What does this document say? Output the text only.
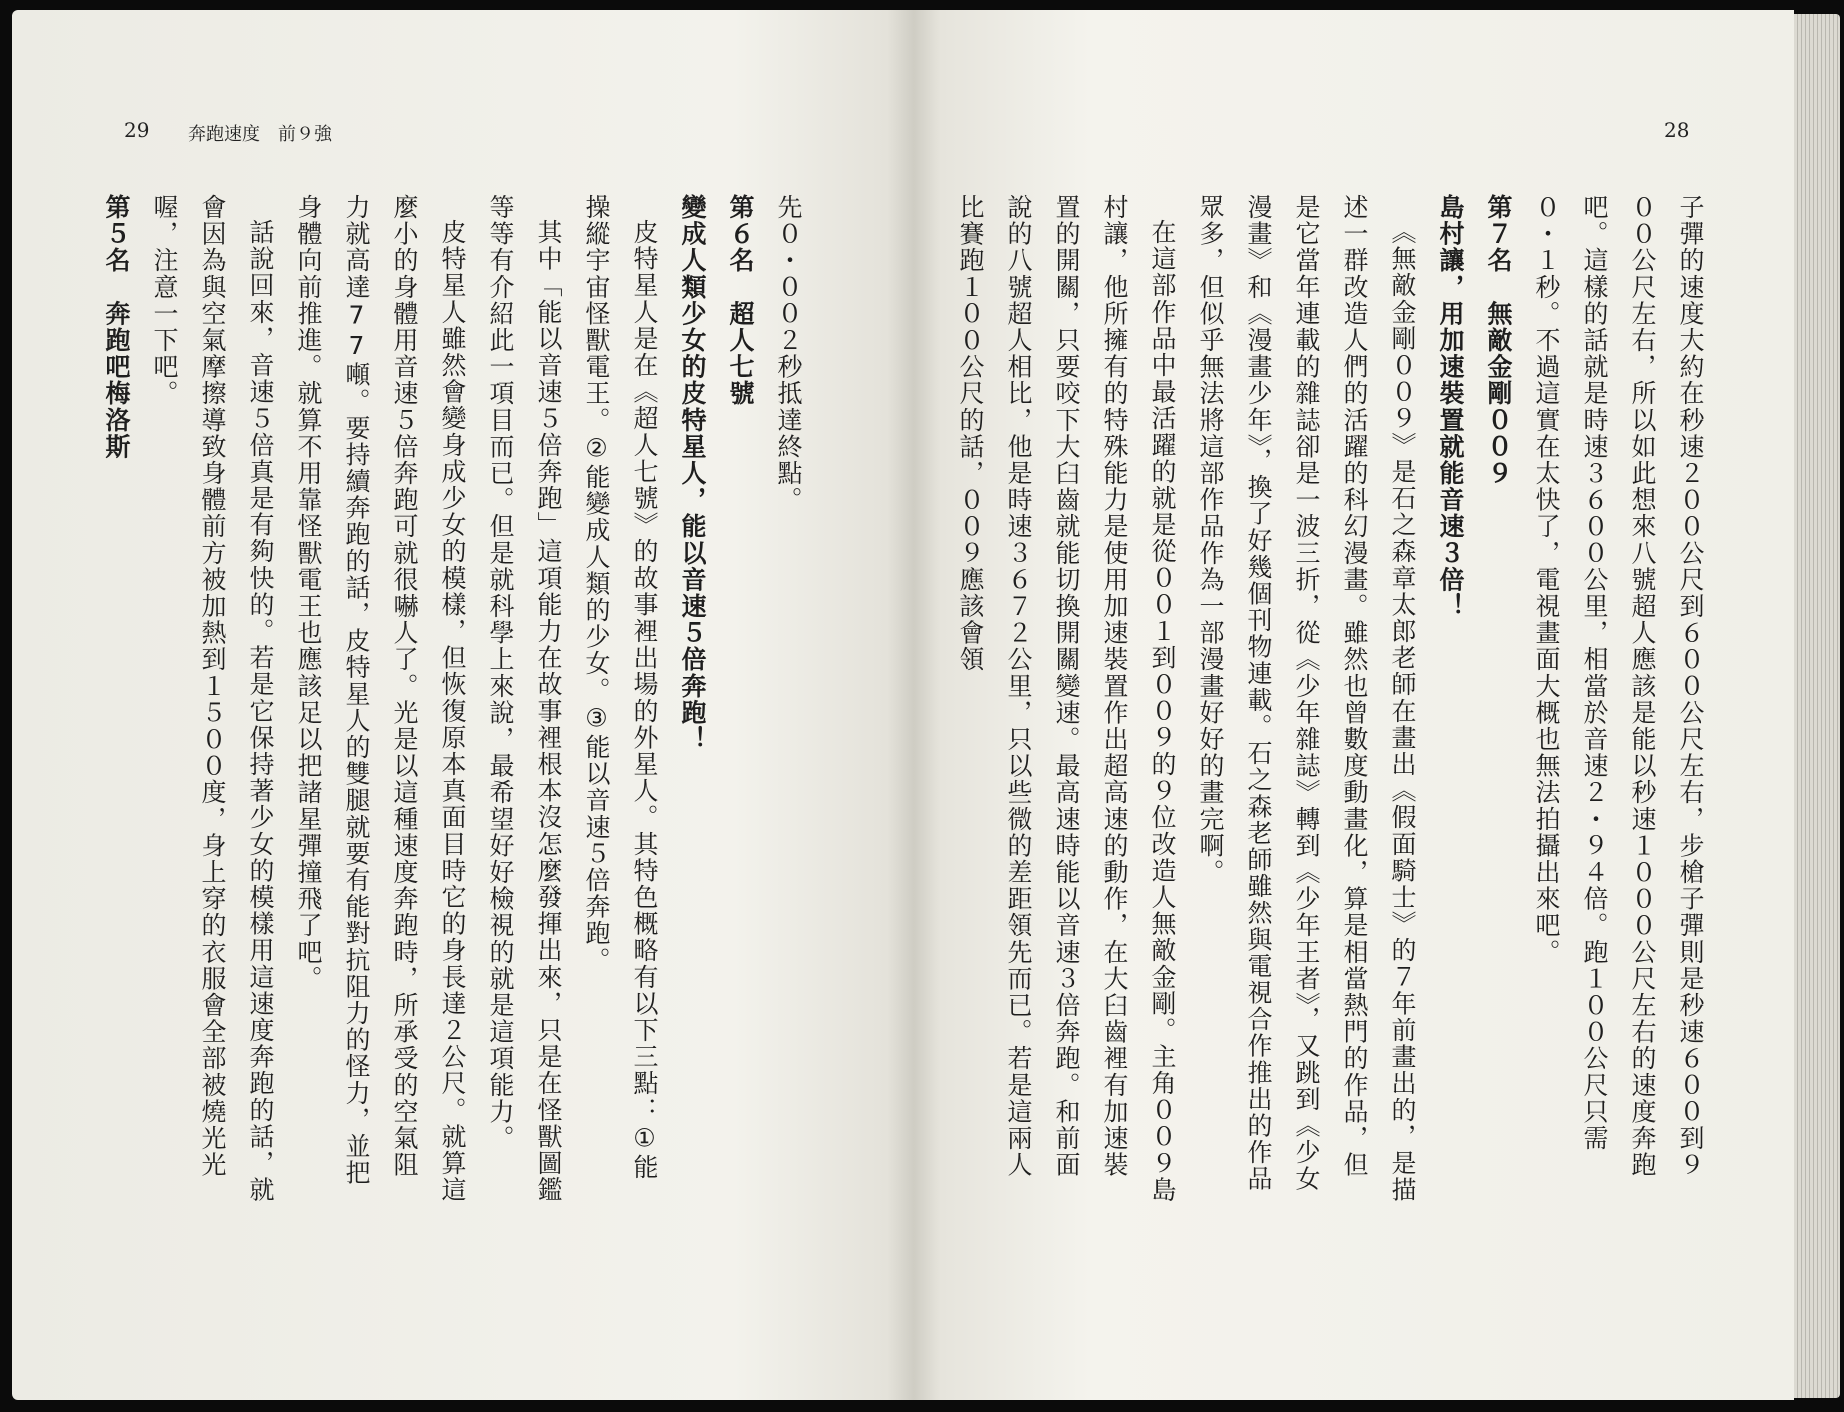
29 奔跑速度　前９強

先０・００２秒抵達終點。

第６名　超人七號

變成人類少女的皮特星人，能以音速５倍奔跑！

皮特星人是在《超人七號》的故事裡出場的外星人。其特色概略有以下三點：①能操縱宇宙怪獸電王。②能變成人類的少女。③能以音速５倍奔跑。

其中「能以音速５倍奔跑」這項能力在故事裡根本沒怎麼發揮出來，只是在怪獸圖鑑等等有介紹此一項目而已。但是就科學上來說，最希望好好檢視的就是這項能力。

皮特星人雖然會變身成少女的模樣，但恢復原本真面目時它的身長達２公尺。就算這麼小的身體用音速５倍奔跑可就很嚇人了。光是以這種速度奔跑時，所承受的空氣阻力就高達77噸。要持續奔跑的話，皮特星人的雙腿就要有能對抗阻力的怪力，並把身體向前推進。就算不用靠怪獸電王也應該足以把諸星彈撞飛了吧。

話說回來，音速５倍真是有夠快的。若是它保持著少女的模樣用這速度奔跑的話，就會因為與空氣摩擦導致身體前方被加熱到１５００度，身上穿的衣服會全部被燒光光喔，注意一下吧。

第５名　奔跑吧梅洛斯

28

子彈的速度大約在秒速２００公尺到６００公尺左右，步槍子彈則是秒速６００到９００公尺左右，所以如此想來八號超人應該是能以秒速１０００公尺左右的速度奔跑吧。這樣的話就是時速３６００公里，相當於音速２・９４倍。跑１００公尺只需０・１秒。不過這實在太快了，電視畫面大概也無法拍攝出來吧。

第７名　無敵金剛００９

島村讓，用加速裝置就能音速３倍！

《無敵金剛００９》是石之森章太郎老師在畫出《假面騎士》的７年前畫出的，是描述一群改造人們的活躍的科幻漫畫。雖然也曾數度動畫化，算是相當熱門的作品，但是它當年連載的雜誌卻是一波三折，從《少年雜誌》轉到《少年王者》，又跳到《少女漫畫》和《漫畫少年》，換了好幾個刊物連載。石之森老師雖然與電視合作推出的作品眾多，但似乎無法將這部作品作為一部漫畫好好的畫完啊。

在這部作品中最活躍的就是從００１到００９的９位改造人無敵金剛。主角００９島村讓，他所擁有的特殊能力是使用加速裝置作出超高速的動作，在大臼齒裡有加速裝置的開關，只要咬下大臼齒就能切換開關變速。最高速時能以音速３倍奔跑。和前面說的八號超人相比，他是時速３６７２公里，只以些微的差距領先而已。若是這兩人比賽跑１００公尺的話，００９應該會領
